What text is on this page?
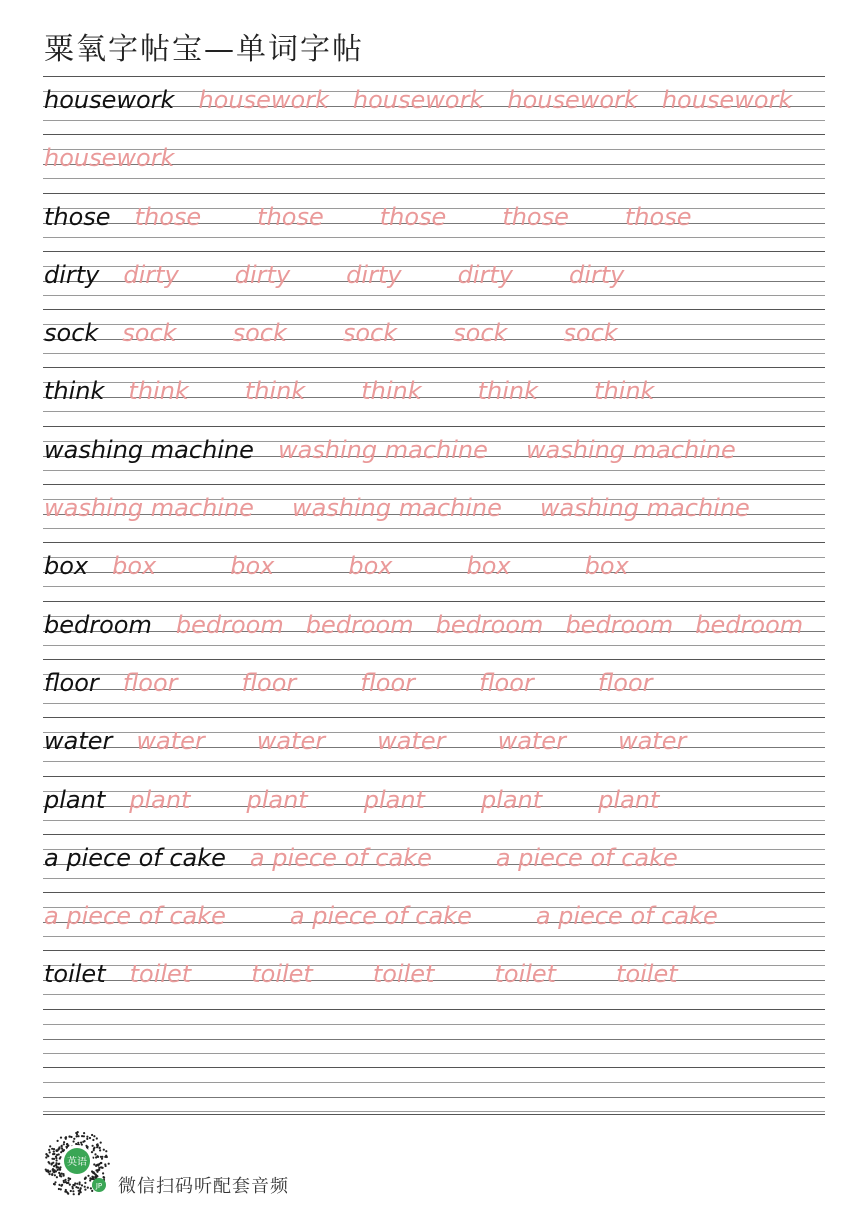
粟氧字帖宝—单词字帖
housework housework housework housework housework
housework
those those those those those those
dirty dirty dirty dirty dirty dirty
sock sock sock sock sock sock
think think think think think think
washing machine washing machine washing machine
washing machine washing machine washing machine
box box	box	box	box	box
bedroom bedroom bedroom bedroom bedroom bedroom
floor floor	floor	floor	floor	floor
water water water water water water
plant plant plant plant plant plant
a piece of cake a piece of cake	a piece of cake
a piece of cake	a piece of cake	a piece of cake
toilet toilet	toilet	toilet	toilet	toilet
英语
JP 微信扫码听配套音频
